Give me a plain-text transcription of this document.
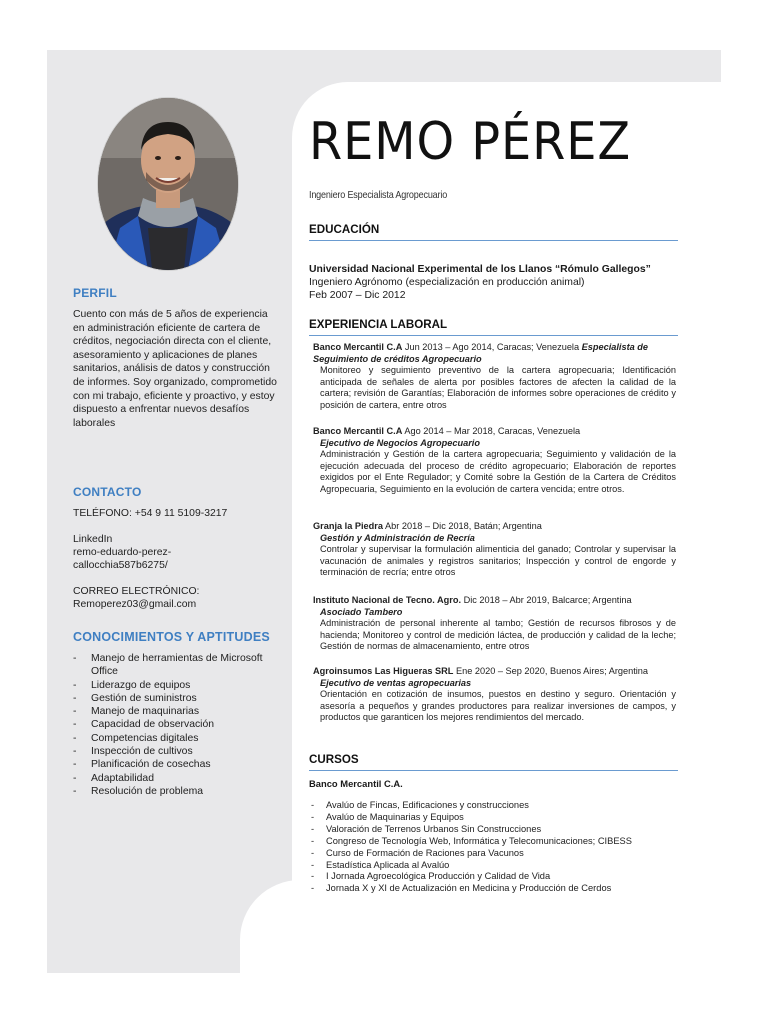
PERFIL
Cuento con más de 5 años de experiencia en administración eficiente de cartera de créditos, negociación directa con el cliente, asesoramiento y aplicaciones de planes sanitarios, análisis de datos y construcción de informes. Soy organizado, comprometido con mi trabajo, eficiente y proactivo, y estoy dispuesto a enfrentar nuevos desafíos laborales
CONTACTO
TELÉFONO: +54 9 11 5109-3217
LinkedIn
remo-eduardo-perez-
callocchia587b6275/
CORREO ELECTRÓNICO:
Remoperez03@gmail.com
CONOCIMIENTOS Y APTITUDES
- Manejo de herramientas de Microsoft Office
- Liderazgo de equipos
- Gestión de suministros
- Manejo de maquinarias
- Capacidad de observación
- Competencias digitales
- Inspección de cultivos
- Planificación de cosechas
- Adaptabilidad
- Resolución de problema
REMO PÉREZ
Ingeniero Especialista Agropecuario
EDUCACIÓN
Universidad Nacional Experimental de los Llanos “Rómulo Gallegos”
Ingeniero Agrónomo (especialización en producción animal)
Feb 2007 – Dic 2012
EXPERIENCIA LABORAL
Banco Mercantil C.A Jun 2013 – Ago 2014, Caracas; Venezuela Especialista de Seguimiento de créditos Agropecuario
Monitoreo y seguimiento preventivo de la cartera agropecuaria; Identificación anticipada de señales de alerta por posibles factores de afecten la calidad de la cartera; revisión de Garantías; Elaboración de informes sobre operaciones de crédito y posición de cartera, entre otros
Banco Mercantil C.A Ago 2014 – Mar 2018, Caracas, Venezuela
Ejecutivo de Negocios Agropecuario
Administración y Gestión de la cartera agropecuaria; Seguimiento y validación de la ejecución adecuada del proceso de crédito agropecuario; Elaboración de reportes exigidos por el Ente Regulador; y Comité sobre la Gestión de la Cartera de Créditos Agropecuaria, Seguimiento en la evolución de cartera vencida; entre otros.
Granja la Piedra Abr 2018 – Dic 2018, Batán; Argentina
Gestión y Administración de Recría
Controlar y supervisar la formulación alimenticia del ganado; Controlar y supervisar la vacunación de animales y registros sanitarios; Inspección y control de engorde y terminación de recría; entre otros
Instituto Nacional de Tecno. Agro. Dic 2018 – Abr 2019, Balcarce; Argentina
Asociado Tambero
Administración de personal inherente al tambo; Gestión de recursos fibrosos y de hacienda; Monitoreo y control de medición láctea, de producción y calidad de la leche; Gestión de normas de almacenamiento, entre otros
Agroinsumos Las Higueras SRL Ene 2020 – Sep 2020, Buenos Aires; Argentina
Ejecutivo de ventas agropecuarias
Orientación en cotización de insumos, puestos en destino y seguro. Orientación y asesoría a pequeños y grandes productores para realizar inversiones de campos, y productos que garanticen los mejores rendimientos del mercado.
CURSOS
Banco Mercantil C.A.
- Avalúo de Fincas, Edificaciones y construcciones
- Avalúo de Maquinarias y Equipos
- Valoración de Terrenos Urbanos Sin Construcciones
- Congreso de Tecnología Web, Informática y Telecomunicaciones; CIBESS
- Curso de Formación de Raciones para Vacunos
- Estadística Aplicada al Avalúo
- I Jornada Agroecológica Producción y Calidad de Vida
- Jornada X y XI de Actualización en Medicina y Producción de Cerdos
